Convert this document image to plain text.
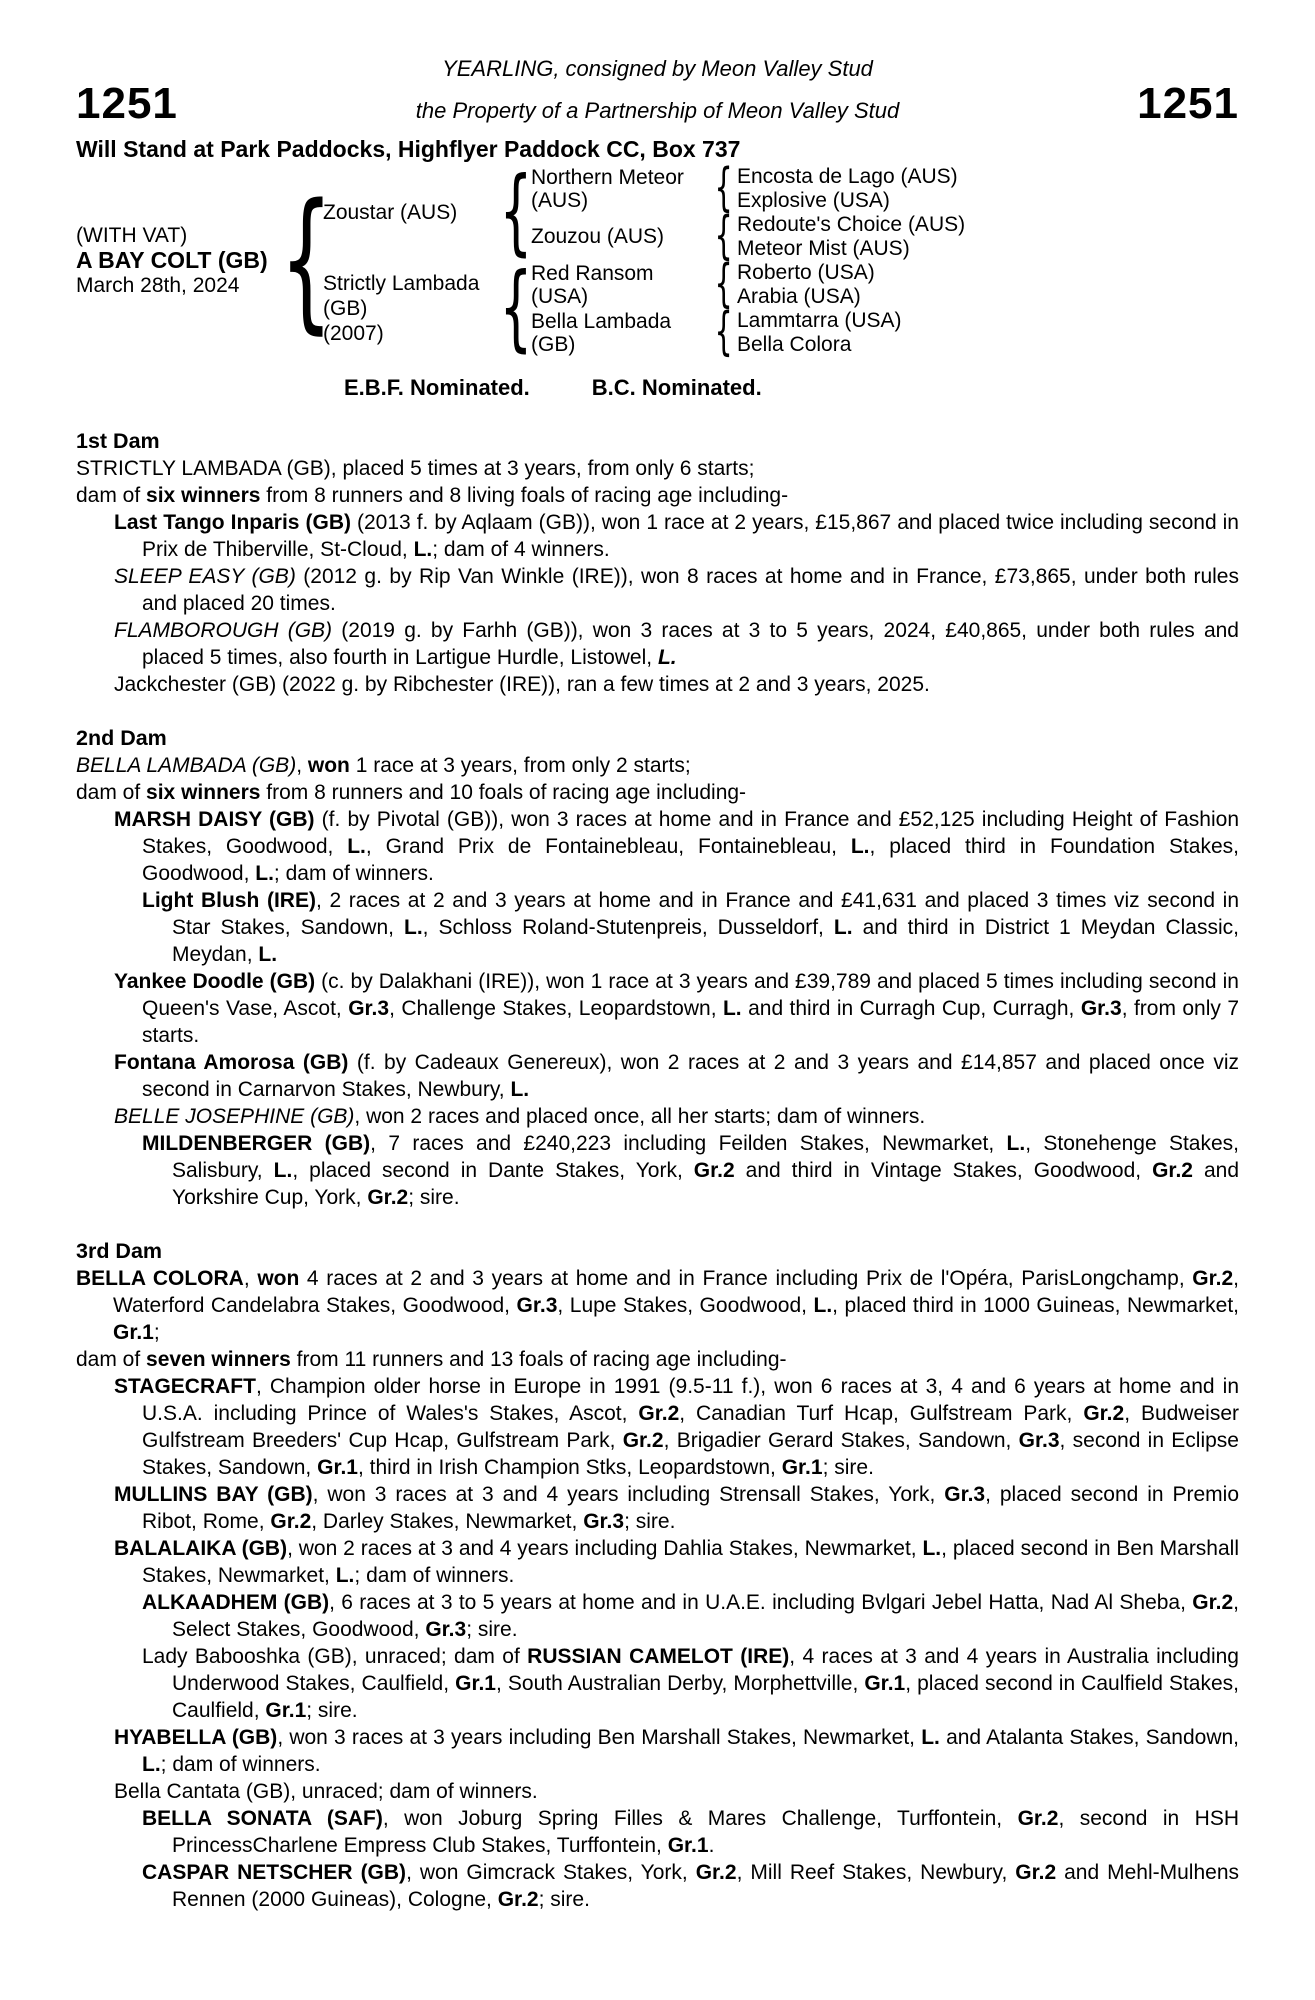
YEARLING, consigned by Meon Valley Stud
1251	the Property of a Partnership of Meon Valley Stud	1251
Will Stand at Park Paddocks, Highflyer Paddock CC, Box 737
(WITH VAT)
A BAY COLT (GB)
March 28th, 2024
{
Zoustar (AUS)
{
Northern Meteor
(AUS)
{
Encosta de Lago (AUS)
Explosive (USA)
Zouzou (AUS)
{
Redoute's Choice (AUS)
Meteor Mist (AUS)
Strictly Lambada
(GB)
(2007)
{
Red Ransom (USA)
{
Roberto (USA)
Arabia (USA)
Bella Lambada (GB)
{
Lammtarra (USA)
Bella Colora
E.B.F. Nominated.	B.C. Nominated.
1st Dam
STRICTLY LAMBADA (GB), placed 5 times at 3 years, from only 6 starts;
dam of six winners from 8 runners and 8 living foals of racing age including-
Last Tango Inparis (GB) (2013 f. by Aqlaam (GB)), won 1 race at 2 years, £15,867 and placed twice including second in Prix de Thiberville, St-Cloud, L.; dam of 4 winners.
SLEEP EASY (GB) (2012 g. by Rip Van Winkle (IRE)), won 8 races at home and in France, £73,865, under both rules and placed 20 times.
FLAMBOROUGH (GB) (2019 g. by Farhh (GB)), won 3 races at 3 to 5 years, 2024, £40,865, under both rules and placed 5 times, also fourth in Lartigue Hurdle, Listowel, L.
Jackchester (GB) (2022 g. by Ribchester (IRE)), ran a few times at 2 and 3 years, 2025.
2nd Dam
BELLA LAMBADA (GB), won 1 race at 3 years, from only 2 starts;
dam of six winners from 8 runners and 10 foals of racing age including-
MARSH DAISY (GB) (f. by Pivotal (GB)), won 3 races at home and in France and £52,125 including Height of Fashion Stakes, Goodwood, L., Grand Prix de Fontainebleau, Fontainebleau, L., placed third in Foundation Stakes, Goodwood, L.; dam of winners.
Light Blush (IRE), 2 races at 2 and 3 years at home and in France and £41,631 and placed 3 times viz second in Star Stakes, Sandown, L., Schloss Roland-Stutenpreis, Dusseldorf, L. and third in District 1 Meydan Classic, Meydan, L.
Yankee Doodle (GB) (c. by Dalakhani (IRE)), won 1 race at 3 years and £39,789 and placed 5 times including second in Queen's Vase, Ascot, Gr.3, Challenge Stakes, Leopardstown, L. and third in Curragh Cup, Curragh, Gr.3, from only 7 starts.
Fontana Amorosa (GB) (f. by Cadeaux Genereux), won 2 races at 2 and 3 years and £14,857 and placed once viz second in Carnarvon Stakes, Newbury, L.
BELLE JOSEPHINE (GB), won 2 races and placed once, all her starts; dam of winners.
MILDENBERGER (GB), 7 races and £240,223 including Feilden Stakes, Newmarket, L., Stonehenge Stakes, Salisbury, L., placed second in Dante Stakes, York, Gr.2 and third in Vintage Stakes, Goodwood, Gr.2 and Yorkshire Cup, York, Gr.2; sire.
3rd Dam
BELLA COLORA, won 4 races at 2 and 3 years at home and in France including Prix de l'Opéra, ParisLongchamp, Gr.2, Waterford Candelabra Stakes, Goodwood, Gr.3, Lupe Stakes, Goodwood, L., placed third in 1000 Guineas, Newmarket, Gr.1;
dam of seven winners from 11 runners and 13 foals of racing age including-
STAGECRAFT, Champion older horse in Europe in 1991 (9.5-11 f.), won 6 races at 3, 4 and 6 years at home and in U.S.A. including Prince of Wales's Stakes, Ascot, Gr.2, Canadian Turf Hcap, Gulfstream Park, Gr.2, Budweiser Gulfstream Breeders' Cup Hcap, Gulfstream Park, Gr.2, Brigadier Gerard Stakes, Sandown, Gr.3, second in Eclipse Stakes, Sandown, Gr.1, third in Irish Champion Stks, Leopardstown, Gr.1; sire.
MULLINS BAY (GB), won 3 races at 3 and 4 years including Strensall Stakes, York, Gr.3, placed second in Premio Ribot, Rome, Gr.2, Darley Stakes, Newmarket, Gr.3; sire.
BALALAIKA (GB), won 2 races at 3 and 4 years including Dahlia Stakes, Newmarket, L., placed second in Ben Marshall Stakes, Newmarket, L.; dam of winners.
ALKAADHEM (GB), 6 races at 3 to 5 years at home and in U.A.E. including Bvlgari Jebel Hatta, Nad Al Sheba, Gr.2, Select Stakes, Goodwood, Gr.3; sire.
Lady Babooshka (GB), unraced; dam of RUSSIAN CAMELOT (IRE), 4 races at 3 and 4 years in Australia including Underwood Stakes, Caulfield, Gr.1, South Australian Derby, Morphettville, Gr.1, placed second in Caulfield Stakes, Caulfield, Gr.1; sire.
HYABELLA (GB), won 3 races at 3 years including Ben Marshall Stakes, Newmarket, L. and Atalanta Stakes, Sandown, L.; dam of winners.
Bella Cantata (GB), unraced; dam of winners.
BELLA SONATA (SAF), won Joburg Spring Filles & Mares Challenge, Turffontein, Gr.2, second in HSH PrincessCharlene Empress Club Stakes, Turffontein, Gr.1.
CASPAR NETSCHER (GB), won Gimcrack Stakes, York, Gr.2, Mill Reef Stakes, Newbury, Gr.2 and Mehl-Mulhens Rennen (2000 Guineas), Cologne, Gr.2; sire.
